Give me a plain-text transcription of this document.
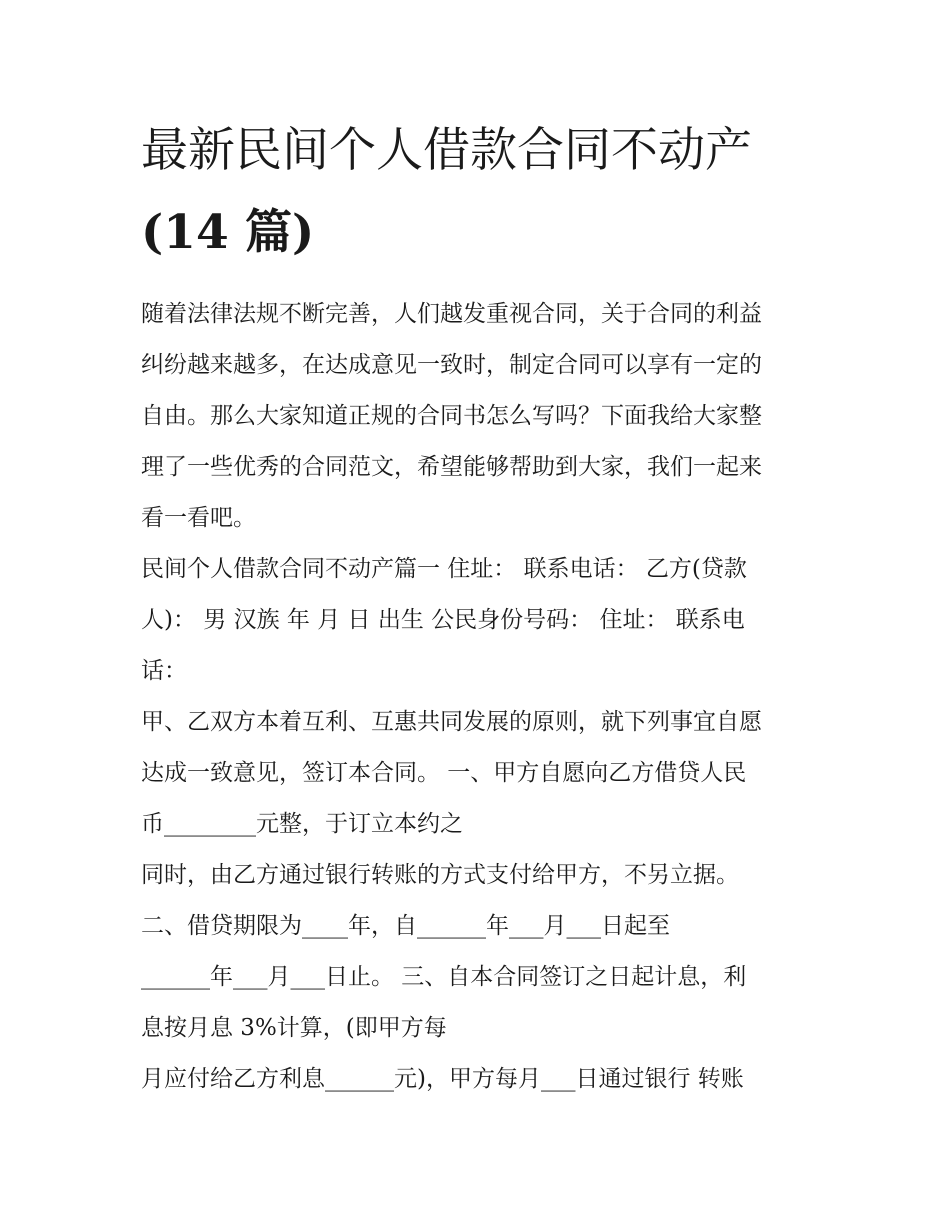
最新民间个人借款合同不动产
(14 篇)

随着法律法规不断完善，人们越发重视合同，关于合同的利益
纠纷越来越多，在达成意见一致时，制定合同可以享有一定的
自由。那么大家知道正规的合同书怎么写吗？下面我给大家整
理了一些优秀的合同范文，希望能够帮助到大家，我们一起来
看一看吧。

民间个人借款合同不动产篇一 住址： 联系电话： 乙方(贷款
人)： 男 汉族 年 月 日 出生 公民身份号码： 住址： 联系电
话：

甲、乙双方本着互利、互惠共同发展的原则，就下列事宜自愿
达成一致意见，签订本合同。 一、甲方自愿向乙方借贷人民
币________元整，于订立本约之

同时，由乙方通过银行转账的方式支付给甲方，不另立据。

二、借贷期限为____年，自______年___月___日起至
______年___月___日止。 三、自本合同签订之日起计息，利
息按月息 3%计算，(即甲方每

月应付给乙方利息______元)，甲方每月___日通过银行 转账
